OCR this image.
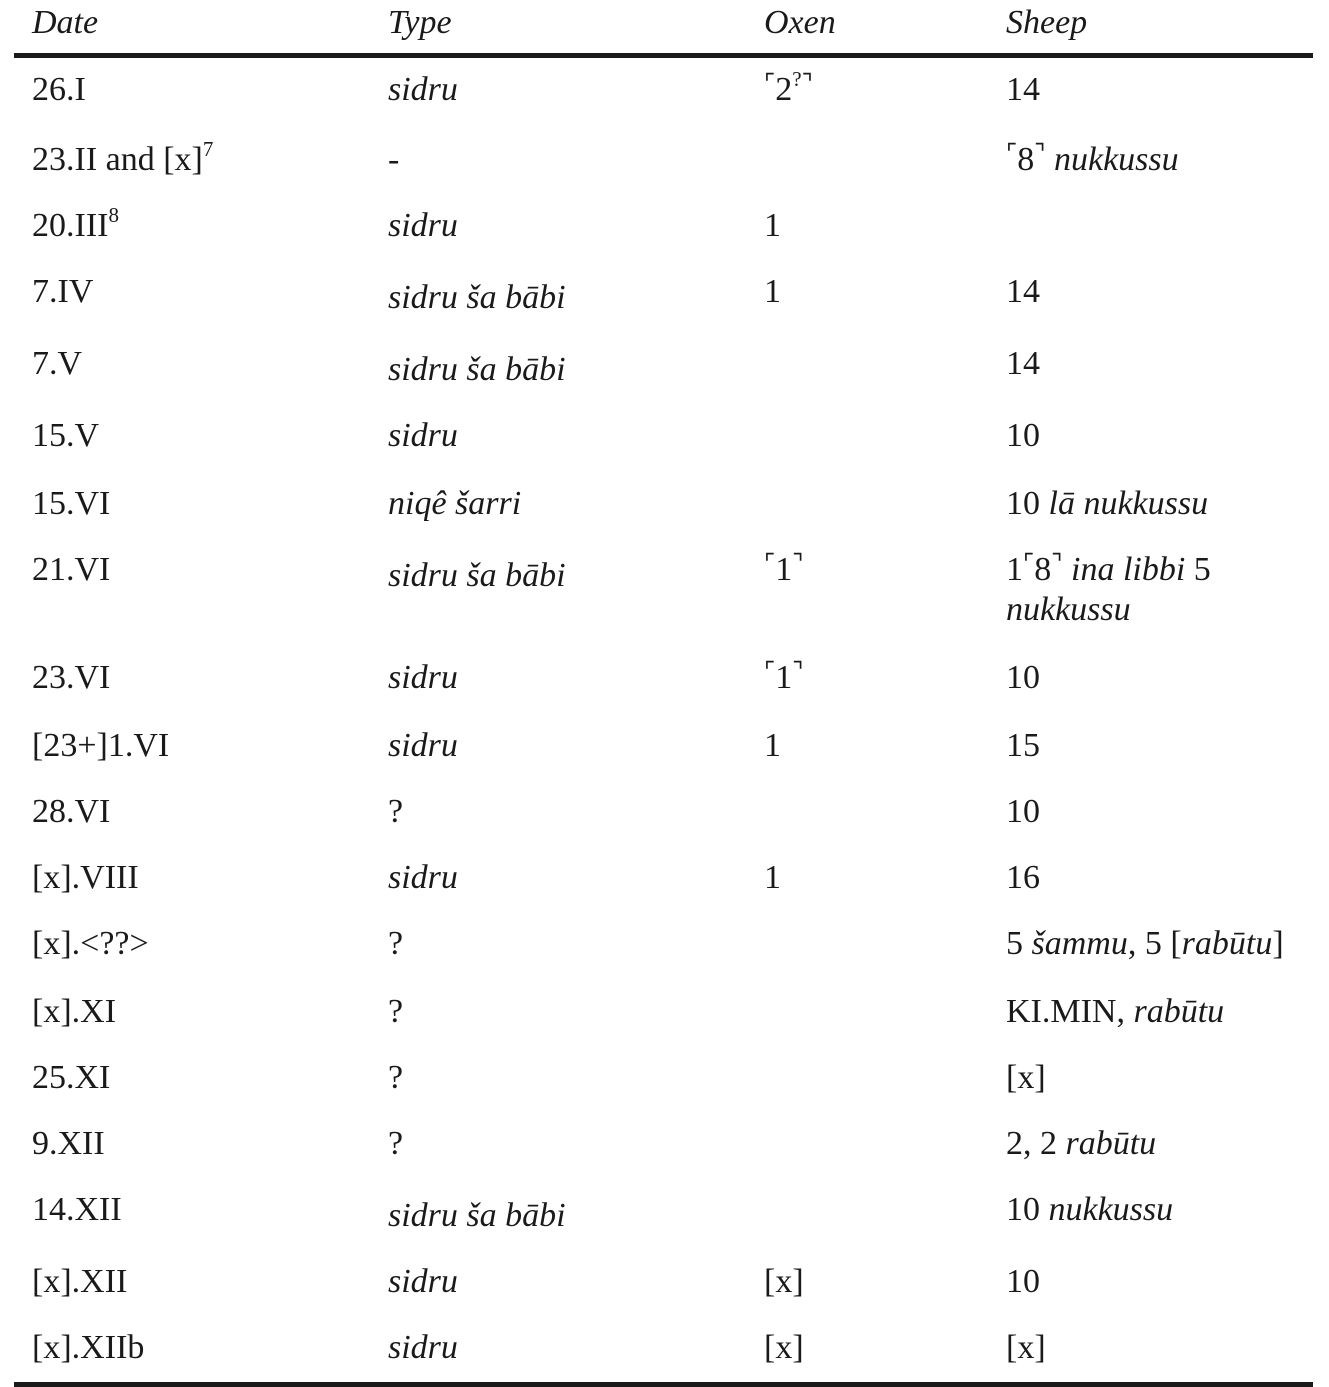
Date	Type	Oxen	Sheep
26.I	sidru	⌜2?⌝	14
23.II and $[x]^7$	-		⌜8⌝ nukkussu
20.III$^8$	sidru	1	
7.IV	sidru ša bābi	1	14
7.V	sidru ša bābi		14
15.V	sidru		10
15.VI	niqê šarri		10 lā nukkussu
21.VI	sidru ša bābi	⌜1⌝	1⌜8⌝ ina libbi 5 nukkussu
23.VI	sidru	⌜1⌝	10
[23+]1.VI	sidru	1	15
28.VI	?		10
[x].VIII	sidru	1	16
[x].<??>	?		5 šammu, 5 [rabūtu]
[x].XI	?		KI.MIN, rabūtu
25.XI	?		[x]
9.XII	?		2, 2 rabūtu
14.XII	sidru ša bābi		10 nukkussu
[x].XII	sidru	[x]	10
[x].XIIb	sidru	[x]	[x]
